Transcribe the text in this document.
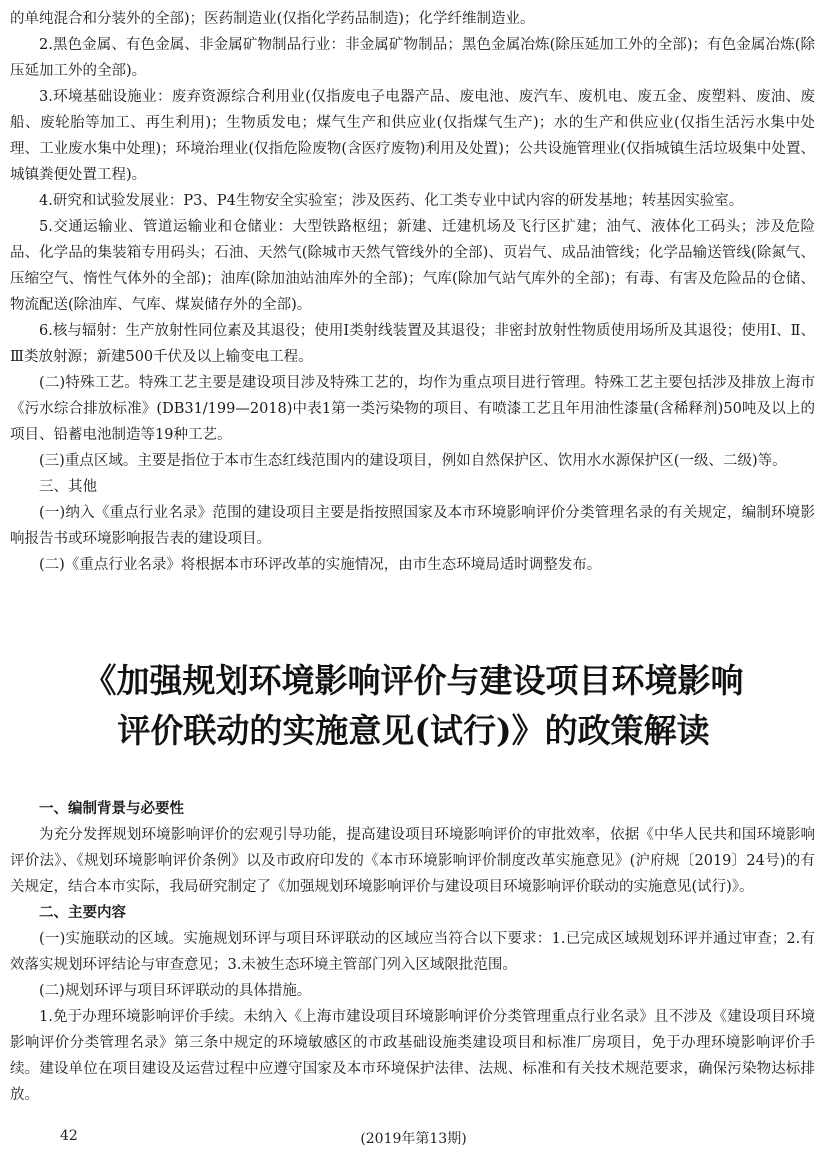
的单纯混合和分装外的全部)；医药制造业(仅指化学药品制造)；化学纤维制造业。

2.黑色金属、有色金属、非金属矿物制品行业：非金属矿物制品；黑色金属冶炼(除压延加工外的全部)；有色金属冶炼(除压延加工外的全部)。

3.环境基础设施业：废弃资源综合利用业(仅指废电子电器产品、废电池、废汽车、废机电、废五金、废塑料、废油、废船、废轮胎等加工、再生利用)；生物质发电；煤气生产和供应业(仅指煤气生产)；水的生产和供应业(仅指生活污水集中处理、工业废水集中处理)；环境治理业(仅指危险废物(含医疗废物)利用及处置)；公共设施管理业(仅指城镇生活垃圾集中处置、城镇粪便处置工程)。

4.研究和试验发展业：P3、P4生物安全实验室；涉及医药、化工类专业中试内容的研发基地；转基因实验室。

5.交通运输业、管道运输业和仓储业：大型铁路枢纽；新建、迁建机场及飞行区扩建；油气、液体化工码头；涉及危险品、化学品的集装箱专用码头；石油、天然气(除城市天然气管线外的全部)、页岩气、成品油管线；化学品输送管线(除氮气、压缩空气、惰性气体外的全部)；油库(除加油站油库外的全部)；气库(除加气站气库外的全部)；有毒、有害及危险品的仓储、物流配送(除油库、气库、煤炭储存外的全部)。

6.核与辐射：生产放射性同位素及其退役；使用Ⅰ类射线装置及其退役；非密封放射性物质使用场所及其退役；使用Ⅰ、Ⅱ、Ⅲ类放射源；新建500千伏及以上输变电工程。

(二)特殊工艺。特殊工艺主要是建设项目涉及特殊工艺的，均作为重点项目进行管理。特殊工艺主要包括涉及排放上海市《污水综合排放标准》(DB31/199—2018)中表1第一类污染物的项目、有喷漆工艺且年用油性漆量(含稀释剂)50吨及以上的项目、铅蓄电池制造等19种工艺。

(三)重点区域。主要是指位于本市生态红线范围内的建设项目，例如自然保护区、饮用水水源保护区(一级、二级)等。

三、其他

(一)纳入《重点行业名录》范围的建设项目主要是指按照国家及本市环境影响评价分类管理名录的有关规定，编制环境影响报告书或环境影响报告表的建设项目。

(二)《重点行业名录》将根据本市环评改革的实施情况，由市生态环境局适时调整发布。

《加强规划环境影响评价与建设项目环境影响
评价联动的实施意见(试行)》的政策解读

一、编制背景与必要性

为充分发挥规划环境影响评价的宏观引导功能，提高建设项目环境影响评价的审批效率，依据《中华人民共和国环境影响评价法》、《规划环境影响评价条例》以及市政府印发的《本市环境影响评价制度改革实施意见》(沪府规〔2019〕24号)的有关规定，结合本市实际，我局研究制定了《加强规划环境影响评价与建设项目环境影响评价联动的实施意见(试行)》。

二、主要内容

(一)实施联动的区域。实施规划环评与项目环评联动的区域应当符合以下要求：1.已完成区域规划环评并通过审查；2.有效落实规划环评结论与审查意见；3.未被生态环境主管部门列入区域限批范围。

(二)规划环评与项目环评联动的具体措施。

1.免于办理环境影响评价手续。未纳入《上海市建设项目环境影响评价分类管理重点行业名录》且不涉及《建设项目环境影响评价分类管理名录》第三条中规定的环境敏感区的市政基础设施类建设项目和标准厂房项目，免于办理环境影响评价手续。建设单位在项目建设及运营过程中应遵守国家及本市环境保护法律、法规、标准和有关技术规范要求，确保污染物达标排放。

42	(2019年第13期)
